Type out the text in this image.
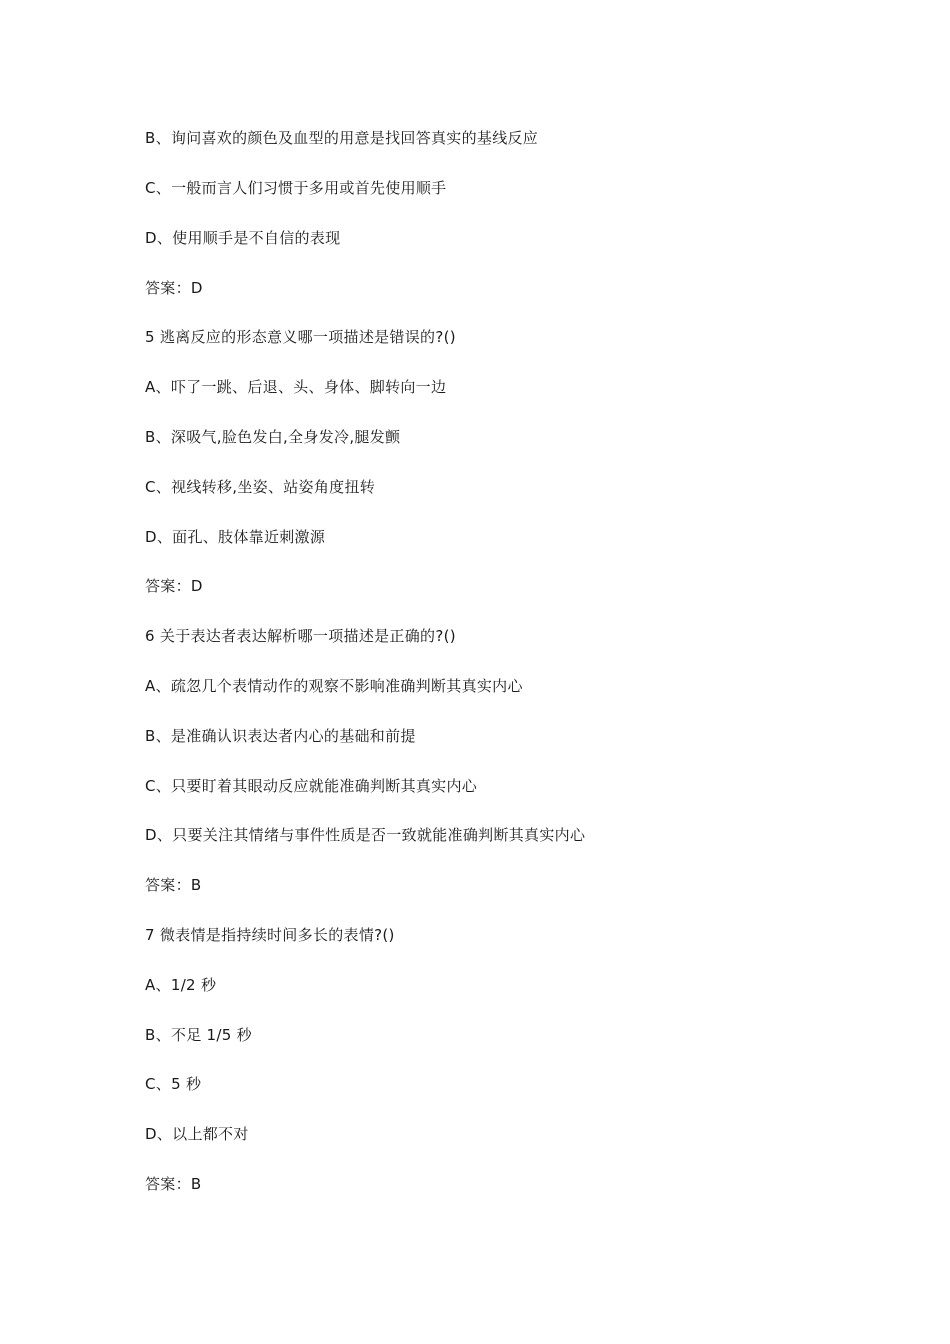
B、询问喜欢的颜色及血型的用意是找回答真实的基线反应
C、一般而言人们习惯于多用或首先使用顺手
D、使用顺手是不自信的表现
答案：D
5 逃离反应的形态意义哪一项描述是错误的?()
A、吓了一跳、后退、头、身体、脚转向一边
B、深吸气,脸色发白,全身发冷,腿发颤
C、视线转移,坐姿、站姿角度扭转
D、面孔、肢体靠近刺激源
答案：D
6 关于表达者表达解析哪一项描述是正确的?()
A、疏忽几个表情动作的观察不影响准确判断其真实内心
B、是准确认识表达者内心的基础和前提
C、只要盯着其眼动反应就能准确判断其真实内心
D、只要关注其情绪与事件性质是否一致就能准确判断其真实内心
答案：B
7 微表情是指持续时间多长的表情?()
A、1/2 秒
B、不足 1/5 秒
C、5 秒
D、以上都不对
答案：B
